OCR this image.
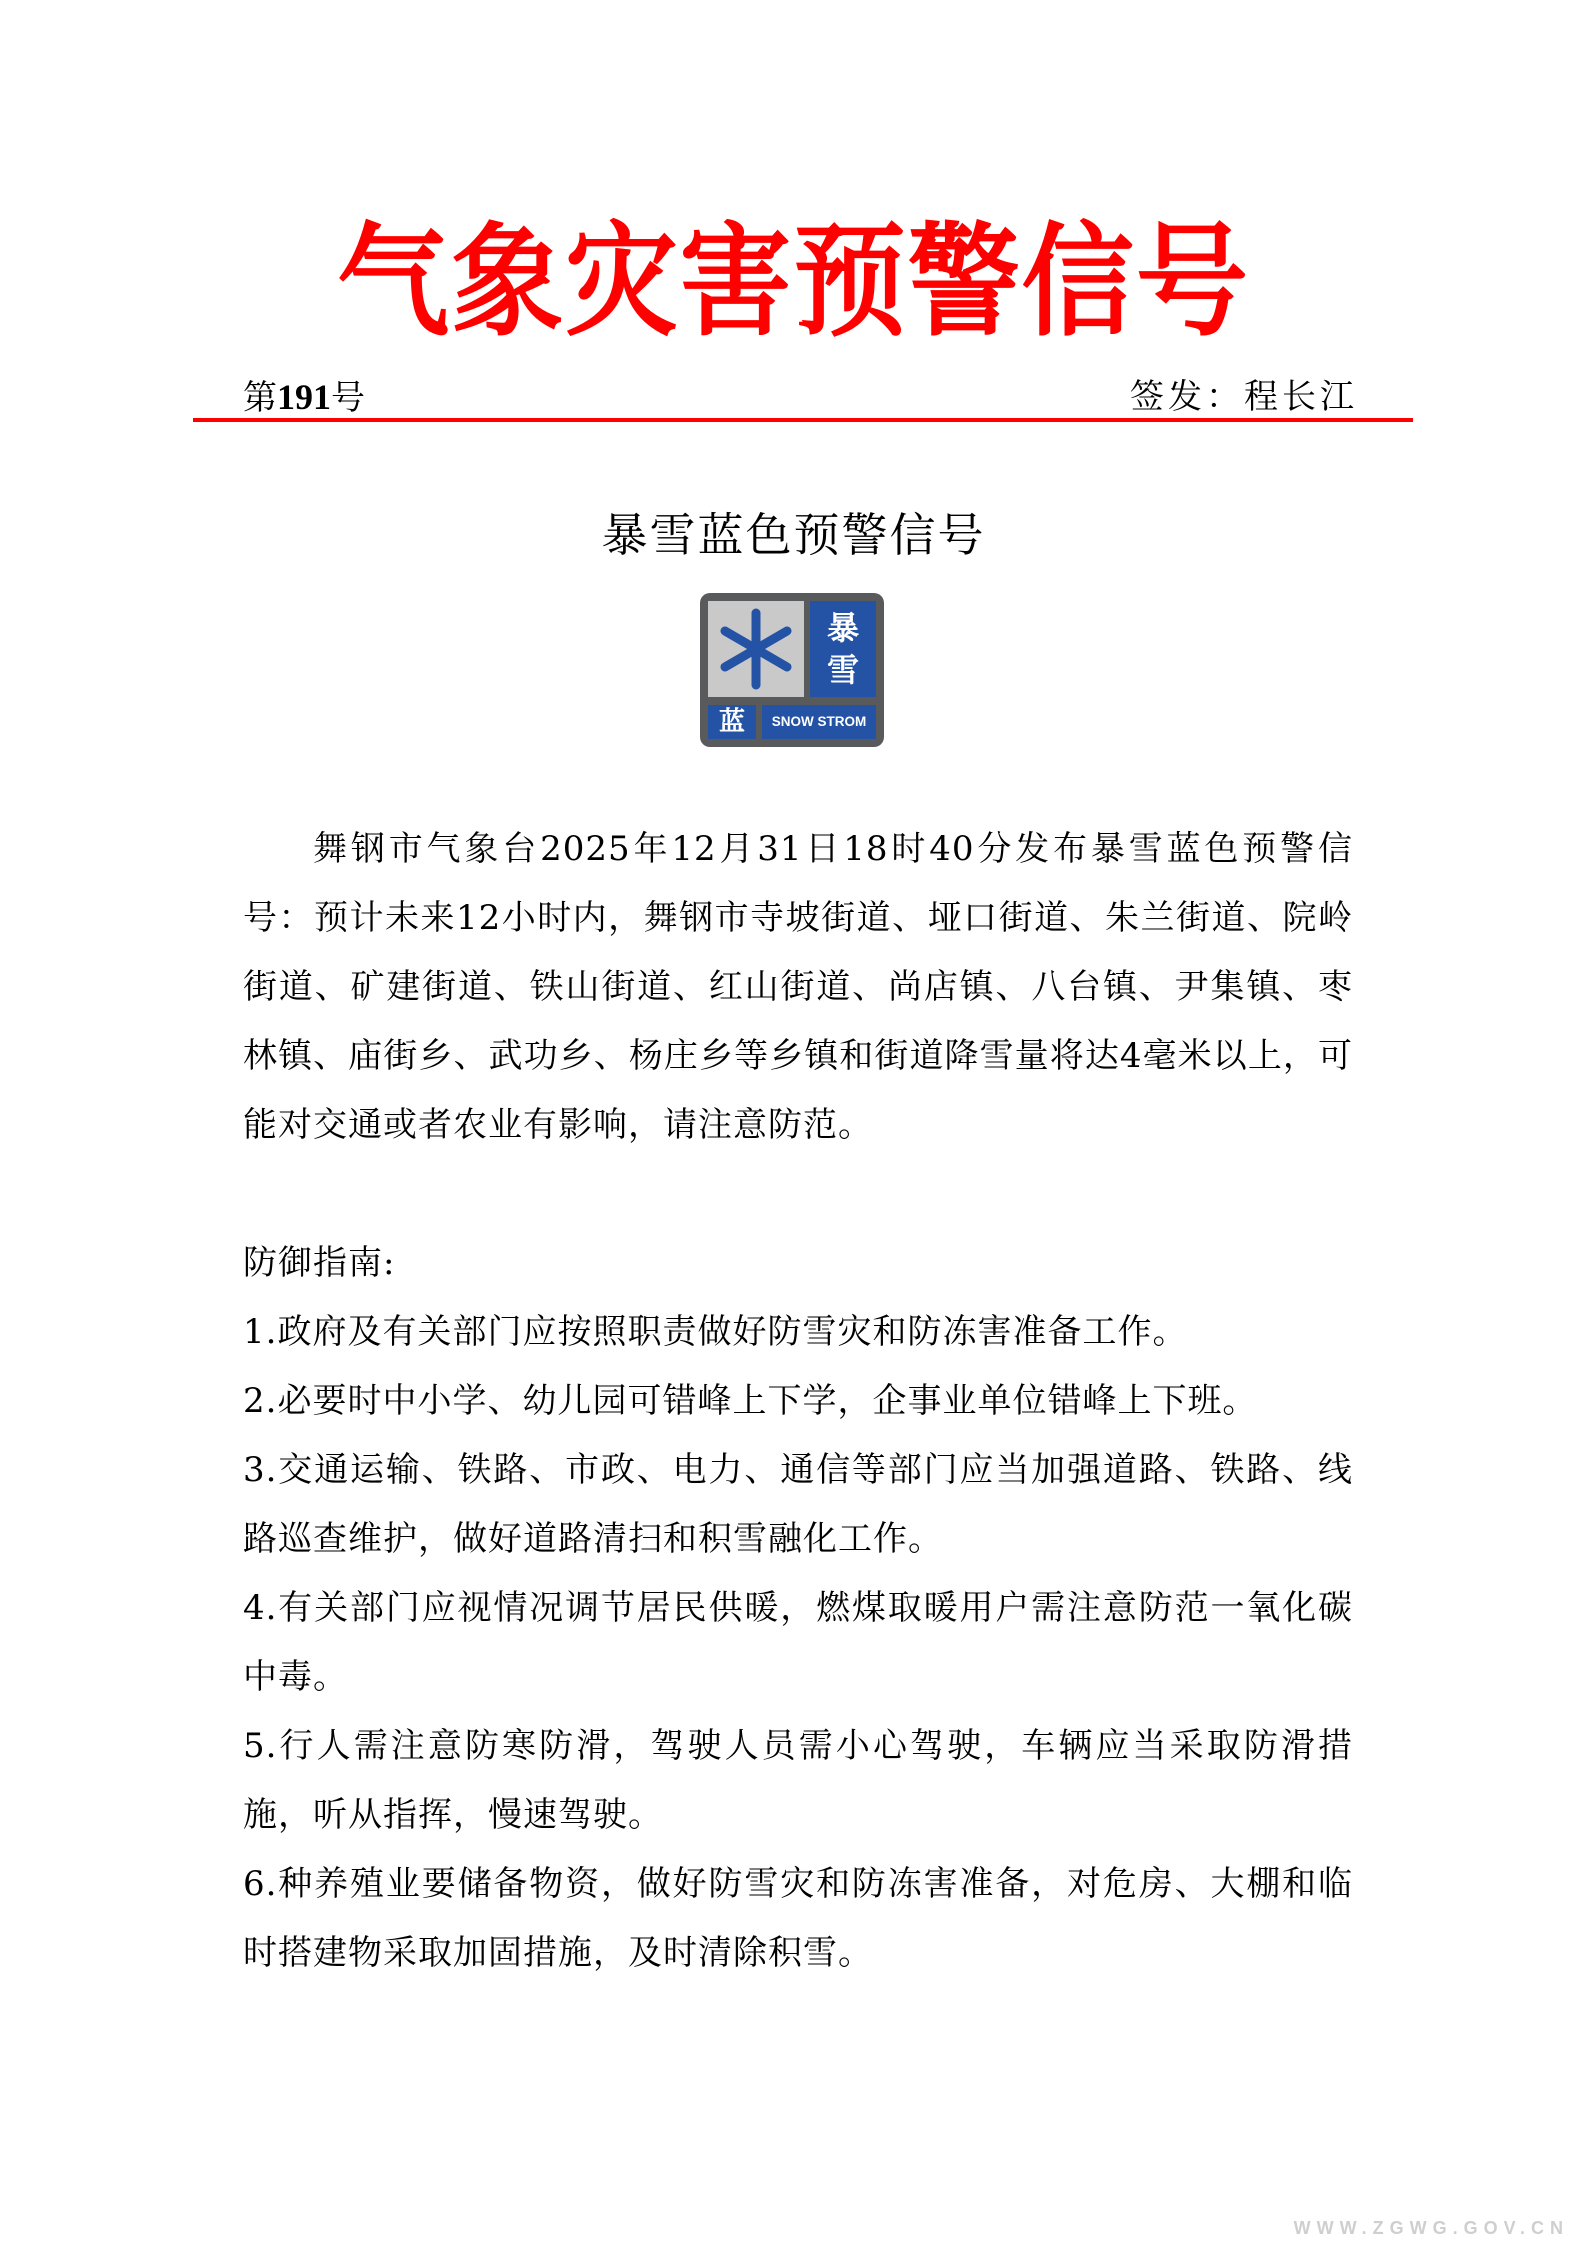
气象灾害预警信号
第191号	签发：程长江
暴雪蓝色预警信号
暴
雪
蓝	SNOW STROM

舞钢市气象台2025年12月31日18时40分发布暴雪蓝色预警信号：预计未来12小时内，舞钢市寺坡街道、垭口街道、朱兰街道、院岭街道、矿建街道、铁山街道、红山街道、尚店镇、八台镇、尹集镇、枣林镇、庙街乡、武功乡、杨庄乡等乡镇和街道降雪量将达4毫米以上，可能对交通或者农业有影响，请注意防范。

防御指南:

1.政府及有关部门应按照职责做好防雪灾和防冻害准备工作。

2.必要时中小学、幼儿园可错峰上下学，企事业单位错峰上下班。

3.交通运输、铁路、市政、电力、通信等部门应当加强道路、铁路、线路巡查维护，做好道路清扫和积雪融化工作。

4.有关部门应视情况调节居民供暖，燃煤取暖用户需注意防范一氧化碳中毒。

5.行人需注意防寒防滑，驾驶人员需小心驾驶，车辆应当采取防滑措施，听从指挥，慢速驾驶。

6.种养殖业要储备物资，做好防雪灾和防冻害准备，对危房、大棚和临时搭建物采取加固措施，及时清除积雪。

WWW.ZGWG.GOV.CN
